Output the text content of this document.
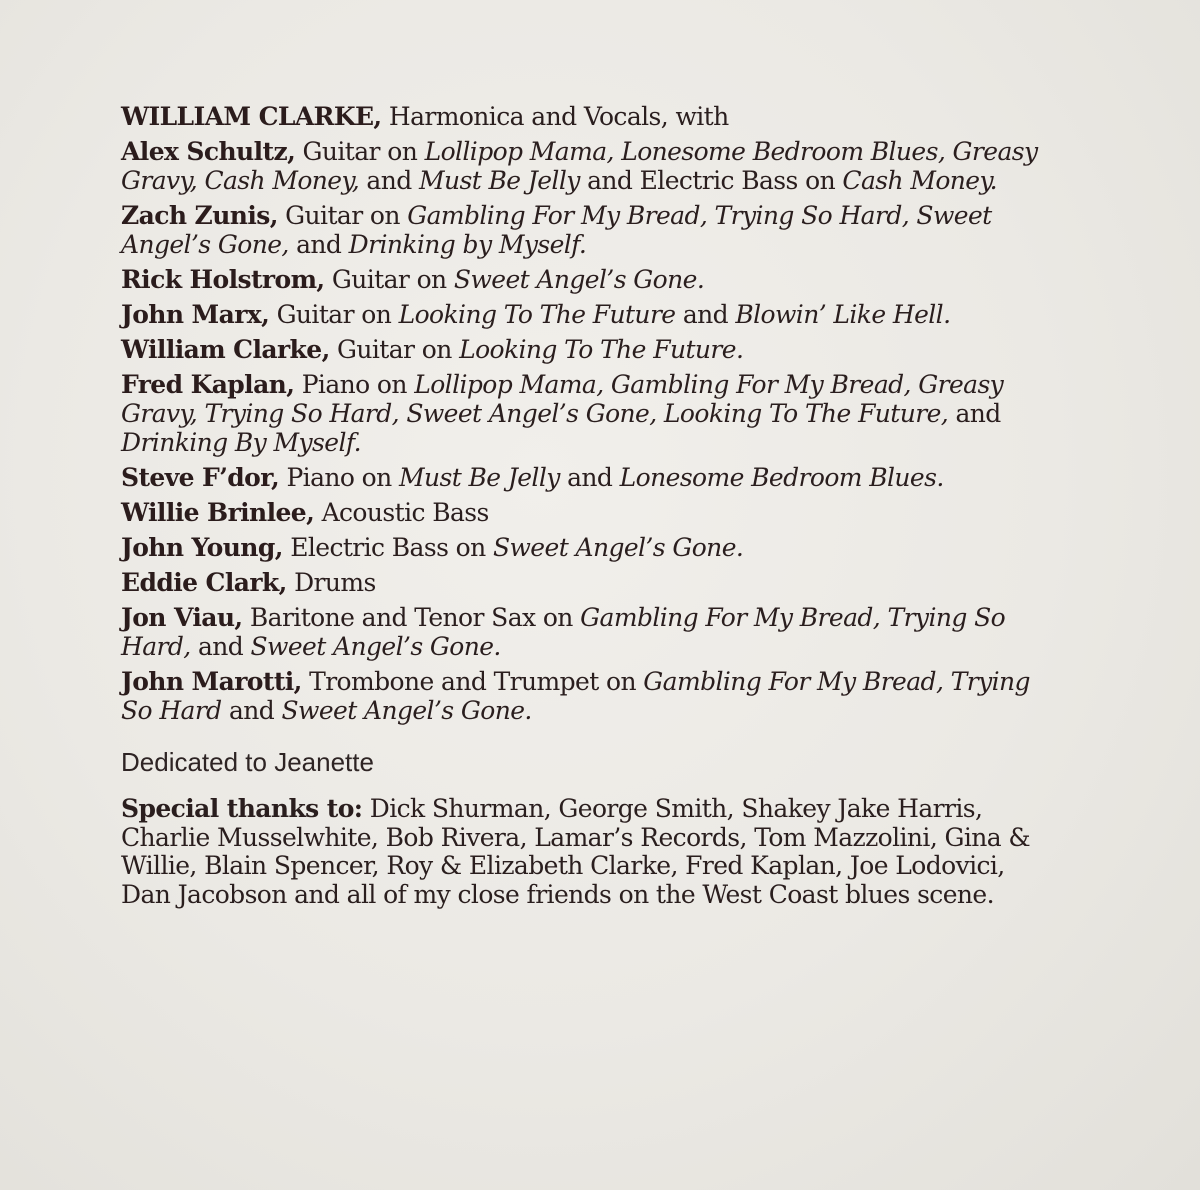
WILLIAM CLARKE, Harmonica and Vocals, with
Alex Schultz, Guitar on Lollipop Mama, Lonesome Bedroom Blues, Greasy Gravy, Cash Money, and Must Be Jelly and Electric Bass on Cash Money.
Zach Zunis, Guitar on Gambling For My Bread, Trying So Hard, Sweet Angel’s Gone, and Drinking by Myself.
Rick Holstrom, Guitar on Sweet Angel’s Gone.
John Marx, Guitar on Looking To The Future and Blowin’ Like Hell.
William Clarke, Guitar on Looking To The Future.
Fred Kaplan, Piano on Lollipop Mama, Gambling For My Bread, Greasy Gravy, Trying So Hard, Sweet Angel’s Gone, Looking To The Future, and Drinking By Myself.
Steve F’dor, Piano on Must Be Jelly and Lonesome Bedroom Blues.
Willie Brinlee, Acoustic Bass
John Young, Electric Bass on Sweet Angel’s Gone.
Eddie Clark, Drums
Jon Viau, Baritone and Tenor Sax on Gambling For My Bread, Trying So Hard, and Sweet Angel’s Gone.
John Marotti, Trombone and Trumpet on Gambling For My Bread, Trying So Hard and Sweet Angel’s Gone.
Dedicated to Jeanette
Special thanks to: Dick Shurman, George Smith, Shakey Jake Harris, Charlie Musselwhite, Bob Rivera, Lamar’s Records, Tom Mazzolini, Gina & Willie, Blain Spencer, Roy & Elizabeth Clarke, Fred Kaplan, Joe Lodovici, Dan Jacobson and all of my close friends on the West Coast blues scene.
